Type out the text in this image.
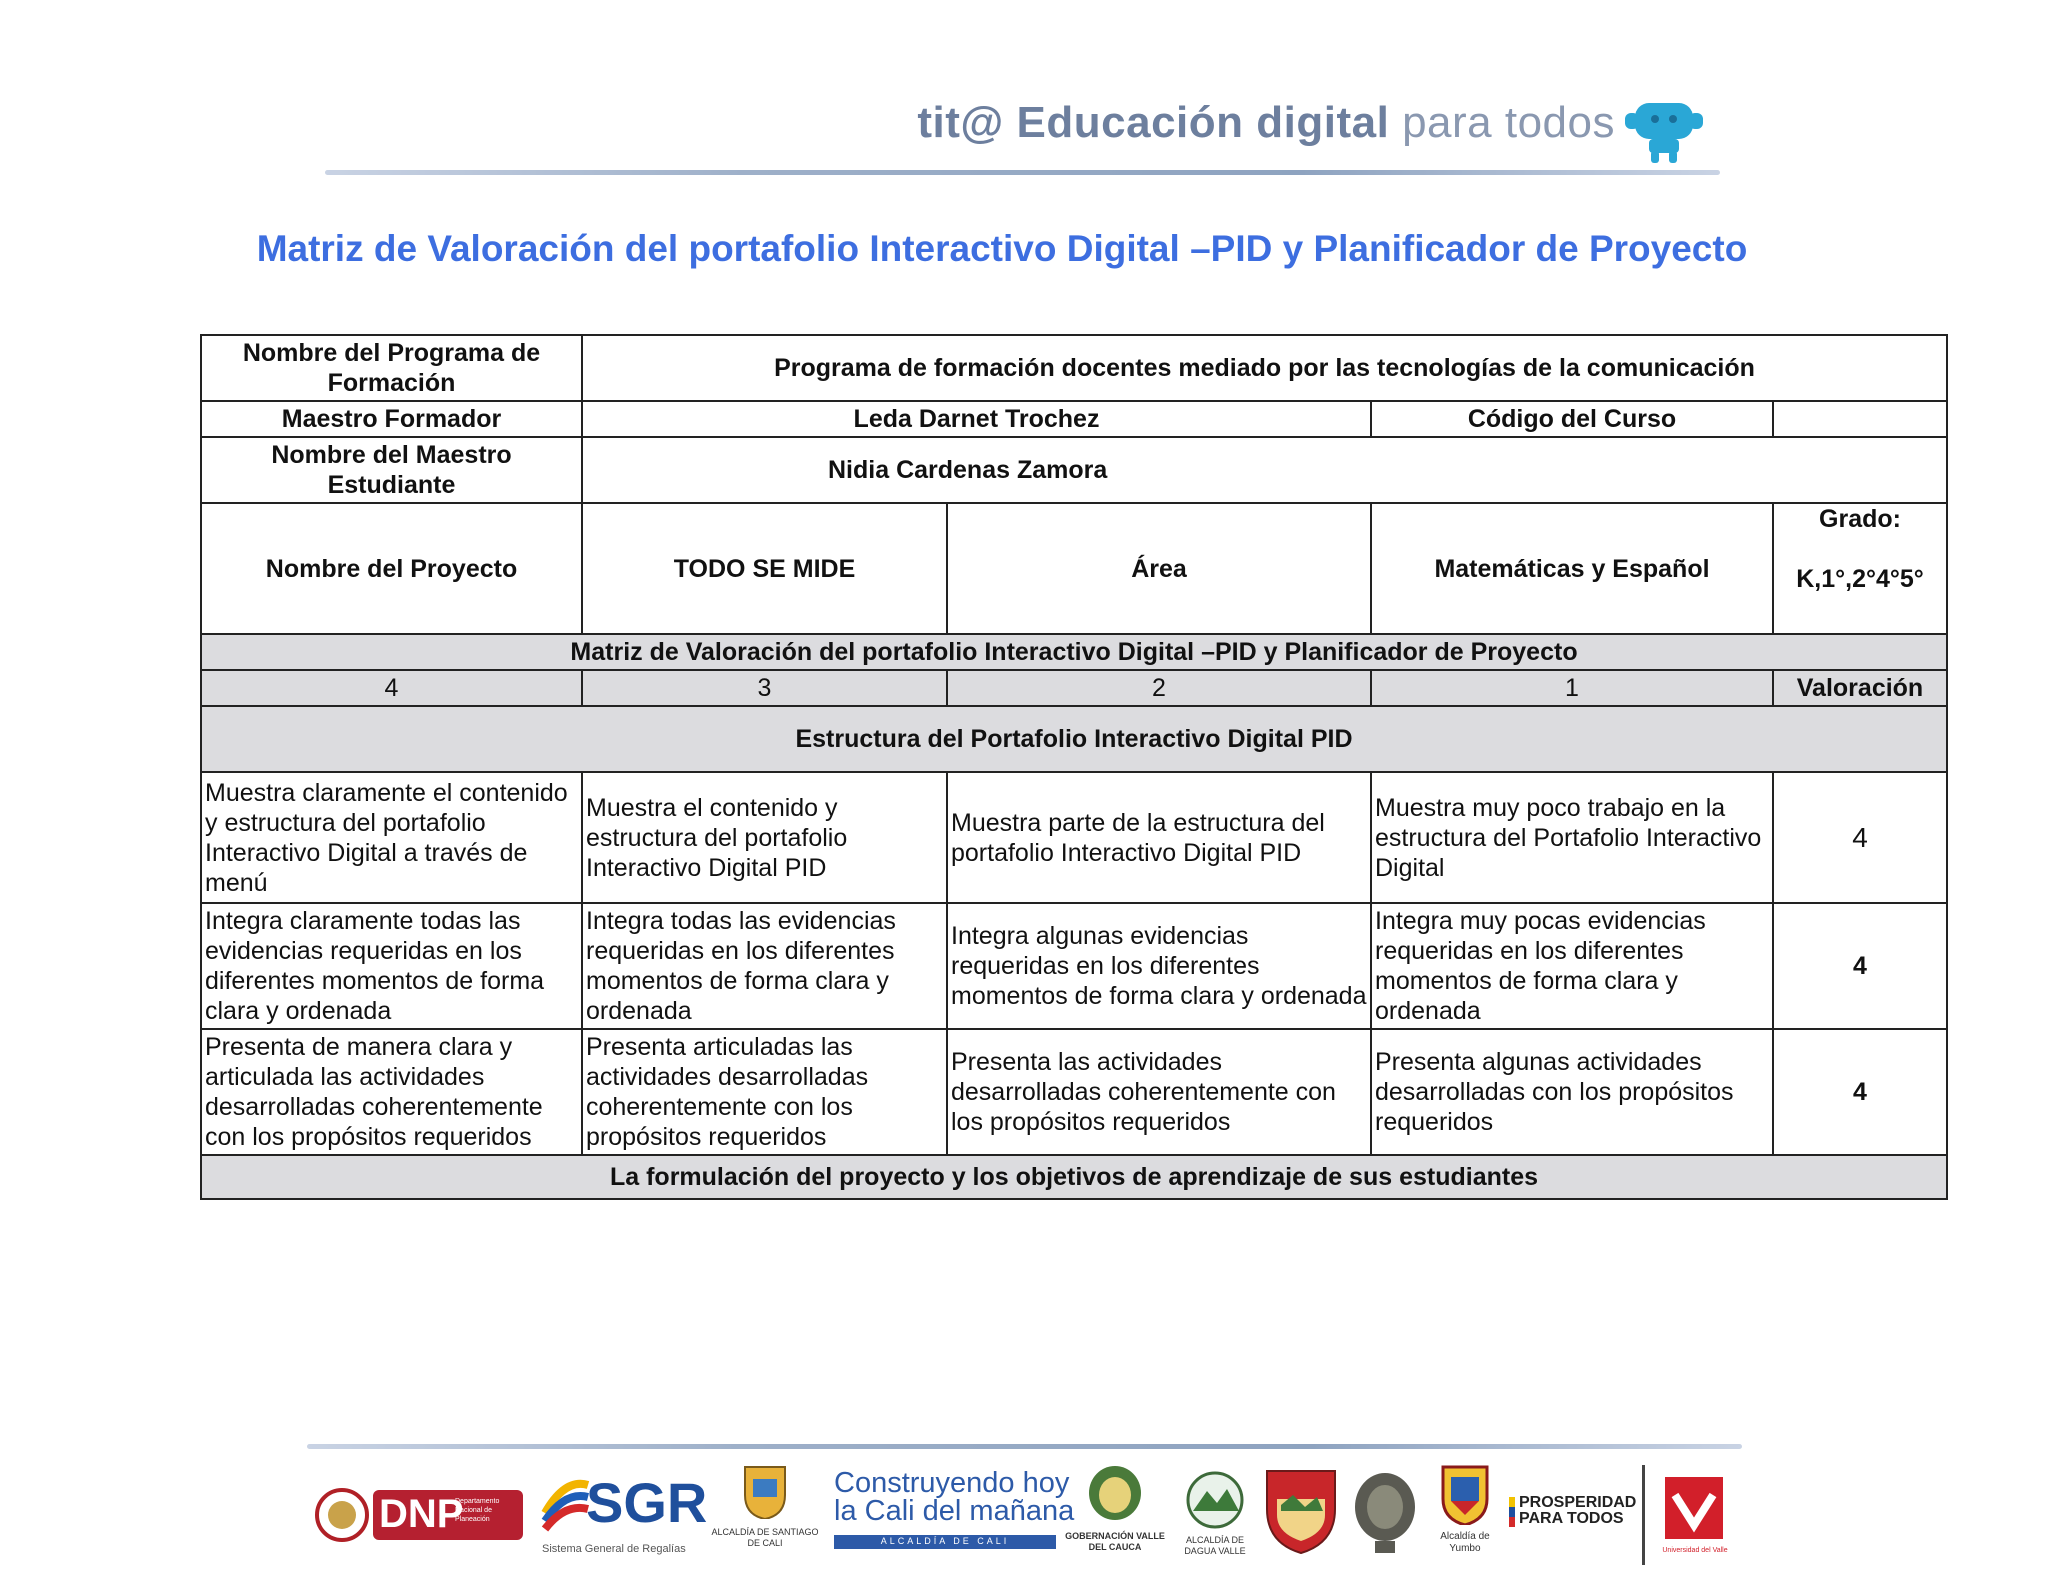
tit@ Educación digital para todos
Matriz de Valoración del portafolio Interactivo Digital –PID y Planificador de Proyecto
Nombre del Programa de Formación	Programa de formación docentes mediado por las tecnologías de la comunicación			
Maestro Formador	Leda Darnet Trochez		Código del Curso	
Nombre del Maestro Estudiante	Nidia Cardenas Zamora			
Nombre del Proyecto	TODO SE MIDE	Área	Matemáticas y Español	Grado:
K,1°,2°4°5°

Matriz de Valoración del portafolio Interactivo Digital –PID y Planificador de Proyecto				
4	3	2	1	Valoración
Estructura del Portafolio Interactivo Digital PID				
Muestra claramente el contenido y estructura del portafolio Interactivo Digital a través de menú	Muestra el contenido y estructura del portafolio Interactivo Digital PID	Muestra parte de la estructura del portafolio Interactivo Digital PID	Muestra muy poco trabajo en la estructura del Portafolio Interactivo Digital	4
Integra claramente todas las evidencias requeridas en los diferentes momentos de forma clara y ordenada	Integra todas las evidencias requeridas en los diferentes momentos de forma clara y ordenada	Integra algunas evidencias requeridas en los diferentes momentos de forma clara y ordenada	Integra muy pocas evidencias requeridas en los diferentes momentos de forma clara y ordenada	4
Presenta de manera clara y articulada las actividades desarrolladas coherentemente con los propósitos requeridos	Presenta articuladas las actividades desarrolladas coherentemente con los propósitos requeridos	Presenta las actividades desarrolladas coherentemente con los propósitos requeridos	Presenta algunas actividades desarrolladas con los propósitos requeridos	4
La formulación del proyecto y los objetivos de aprendizaje de sus estudiantes				
DNP
Departamento Nacional de Planeación	SGR
Sistema General de Regalías
ALCALDÍA DE SANTIAGO DE CALI
Construyendo hoy
la Cali del mañana
ALCALDÍA DE CALI	GOBERNACIÓN VALLE DEL CAUCA
ALCALDÍA DE DAGUA VALLE
Alcaldía de Yumbo
PROSPERIDAD PARA TODOS
Universidad del Valle
